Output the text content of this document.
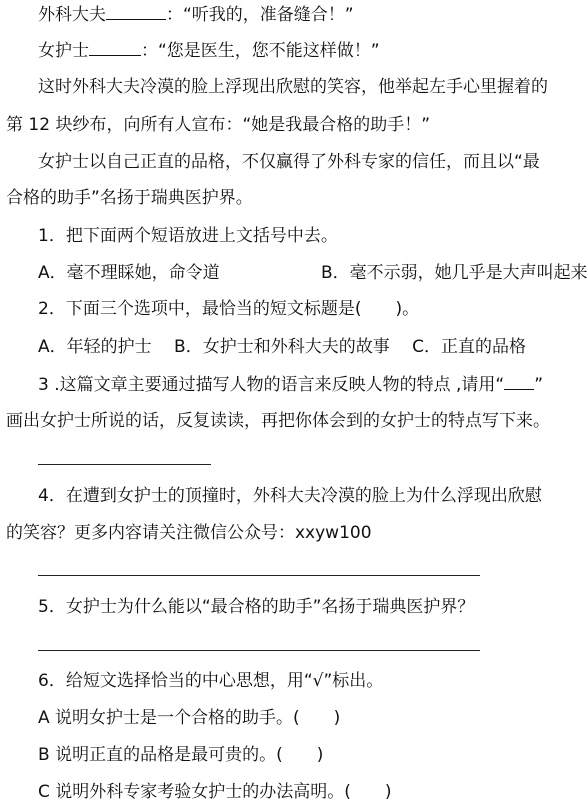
外科大夫	：“听我的，准备缝合！”
女护士	：“您是医生，您不能这样做！”
这时外科大夫冷漠的脸上浮现出欣慰的笑容，他举起左手心里握着的
第 12 块纱布，向所有人宣布：“她是我最合格的助手！”
女护士以自己正直的品格，不仅赢得了外科专家的信任，而且以“最
合格的助手”名扬于瑞典医护界。
1．把下面两个短语放进上文括号中去。
A．毫不理睬她，命令道	B．毫不示弱，她几乎是大声叫起来
2．下面三个选项中，最恰当的短文标题是(　　)。
A．年轻的护士　 B．女护士和外科大夫的故事　 C．正直的品格
3 .这篇文章主要通过描写人物的语言来反映人物的特点 ,请用“ ”
画出女护士所说的话，反复读读，再把你体会到的女护士的特点写下来。
4．在遭到女护士的顶撞时，外科大夫冷漠的脸上为什么浮现出欣慰
的笑容？更多内容请关注微信公众号：xxyw100
5．女护士为什么能以“最合格的助手”名扬于瑞典医护界？
6．给短文选择恰当的中心思想，用“√”标出。
A 说明女护士是一个合格的助手。(　　)
B 说明正直的品格是最可贵的。(　　)
C 说明外科专家考验女护士的办法高明。(　　)
